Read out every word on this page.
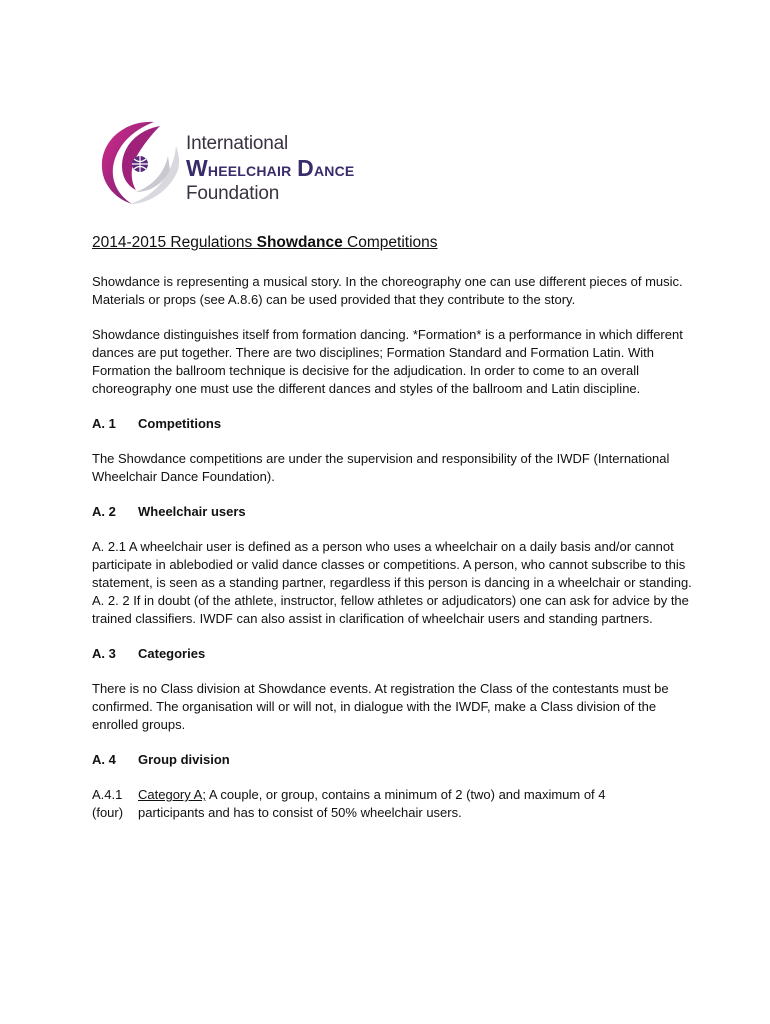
International
Wheelchair Dance
Foundation
2014-2015 Regulations Showdance Competitions

Showdance is representing a musical story. In the choreography one can use different pieces of music. Materials or props (see A.8.6) can be used provided that they contribute to the story.

Showdance distinguishes itself from formation dancing. *Formation* is a performance in which different dances are put together. There are two disciplines; Formation Standard and Formation Latin. With Formation the ballroom technique is decisive for the adjudication. In order to come to an overall choreography one must use the different dances and styles of the ballroom and Latin discipline.

A. 1	Competitions

The Showdance competitions are under the supervision and responsibility of the IWDF (International Wheelchair Dance Foundation).

A. 2	Wheelchair users

A. 2.1 A wheelchair user is defined as a person who uses a wheelchair on a daily basis and/or cannot participate in ablebodied or valid dance classes or competitions. A person, who cannot subscribe to this statement, is seen as a standing partner, regardless if this person is dancing in a wheelchair or standing.

A. 2. 2 If in doubt (of the athlete, instructor, fellow athletes or adjudicators) one can ask for advice by the trained classifiers. IWDF can also assist in clarification of wheelchair users and standing partners.

A. 3	Categories

There is no Class division at Showdance events. At registration the Class of the contestants must be confirmed. The organisation will or will not, in dialogue with the IWDF, make a Class division of the enrolled groups.

A. 4	Group division
A.4.1	Category A; A couple, or group, contains a minimum of 2 (two) and maximum of 4
(four)	participants and has to consist of 50% wheelchair users.
